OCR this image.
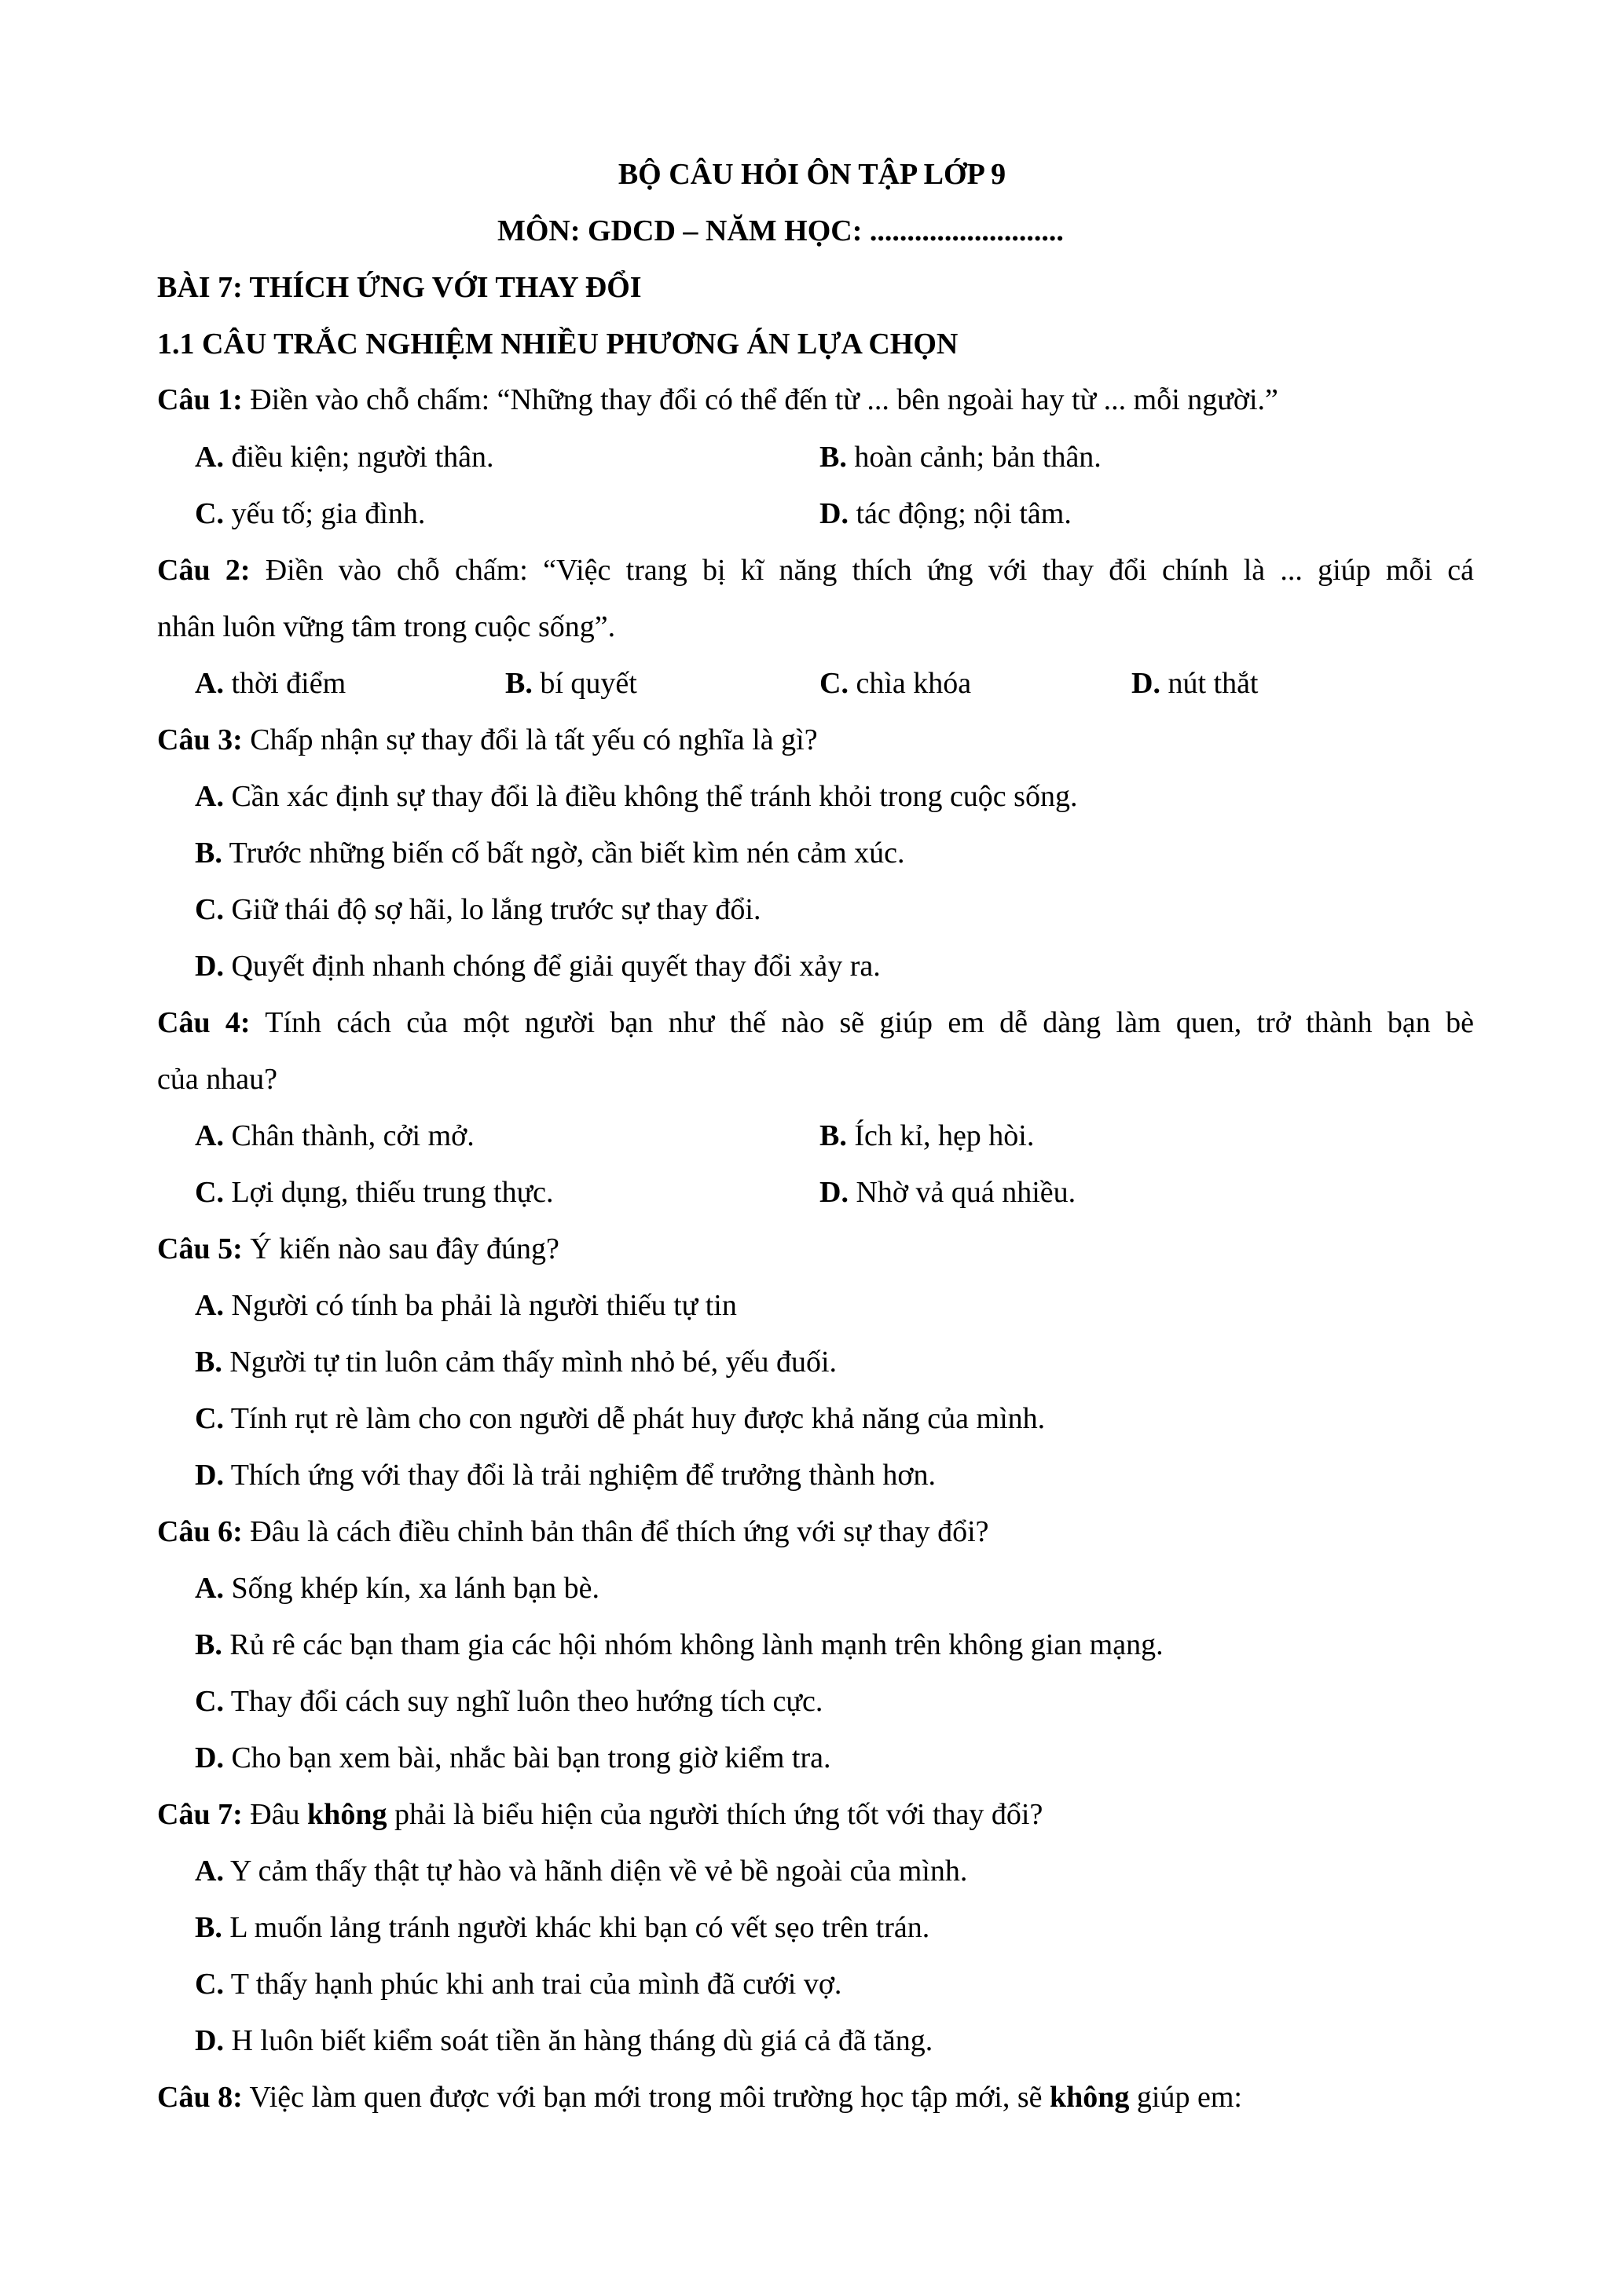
BỘ CÂU HỎI ÔN TẬP LỚP 9
MÔN: GDCD – NĂM HỌC: ..........................
BÀI 7: THÍCH ỨNG VỚI THAY ĐỔI
1.1 CÂU TRẮC NGHIỆM NHIỀU PHƯƠNG ÁN LỰA CHỌN
Câu 1: Điền vào chỗ chấm: “Những thay đổi có thể đến từ ... bên ngoài hay từ ... mỗi người.”
A. điều kiện; người thân.	B. hoàn cảnh; bản thân.
C. yếu tố; gia đình.	D. tác động; nội tâm.
Câu 2: Điền vào chỗ chấm: “Việc trang bị kĩ năng thích ứng với thay đổi chính là ... giúp mỗi cá
nhân luôn vững tâm trong cuộc sống”.
A. thời điểm	B. bí quyết	C. chìa khóa	D. nút thắt
Câu 3: Chấp nhận sự thay đổi là tất yếu có nghĩa là gì?
A. Cần xác định sự thay đổi là điều không thể tránh khỏi trong cuộc sống.
B. Trước những biến cố bất ngờ, cần biết kìm nén cảm xúc.
C. Giữ thái độ sợ hãi, lo lắng trước sự thay đổi.
D. Quyết định nhanh chóng để giải quyết thay đổi xảy ra.
Câu 4: Tính cách của một người bạn như thế nào sẽ giúp em dễ dàng làm quen, trở thành bạn bè
của nhau?
A. Chân thành, cởi mở.	B. Ích kỉ, hẹp hòi.
C. Lợi dụng, thiếu trung thực.	D. Nhờ vả quá nhiều.
Câu 5: Ý kiến nào sau đây đúng?
A. Người có tính ba phải là người thiếu tự tin
B. Người tự tin luôn cảm thấy mình nhỏ bé, yếu đuối.
C. Tính rụt rè làm cho con người dễ phát huy được khả năng của mình.
D. Thích ứng với thay đổi là trải nghiệm để trưởng thành hơn.
Câu 6: Đâu là cách điều chỉnh bản thân để thích ứng với sự thay đổi?
A. Sống khép kín, xa lánh bạn bè.
B. Rủ rê các bạn tham gia các hội nhóm không lành mạnh trên không gian mạng.
C. Thay đổi cách suy nghĩ luôn theo hướng tích cực.
D. Cho bạn xem bài, nhắc bài bạn trong giờ kiểm tra.
Câu 7: Đâu không phải là biểu hiện của người thích ứng tốt với thay đổi?
A. Y cảm thấy thật tự hào và hãnh diện về vẻ bề ngoài của mình.
B. L muốn lảng tránh người khác khi bạn có vết sẹo trên trán.
C. T thấy hạnh phúc khi anh trai của mình đã cưới vợ.
D. H luôn biết kiểm soát tiền ăn hàng tháng dù giá cả đã tăng.
Câu 8: Việc làm quen được với bạn mới trong môi trường học tập mới, sẽ không giúp em:
